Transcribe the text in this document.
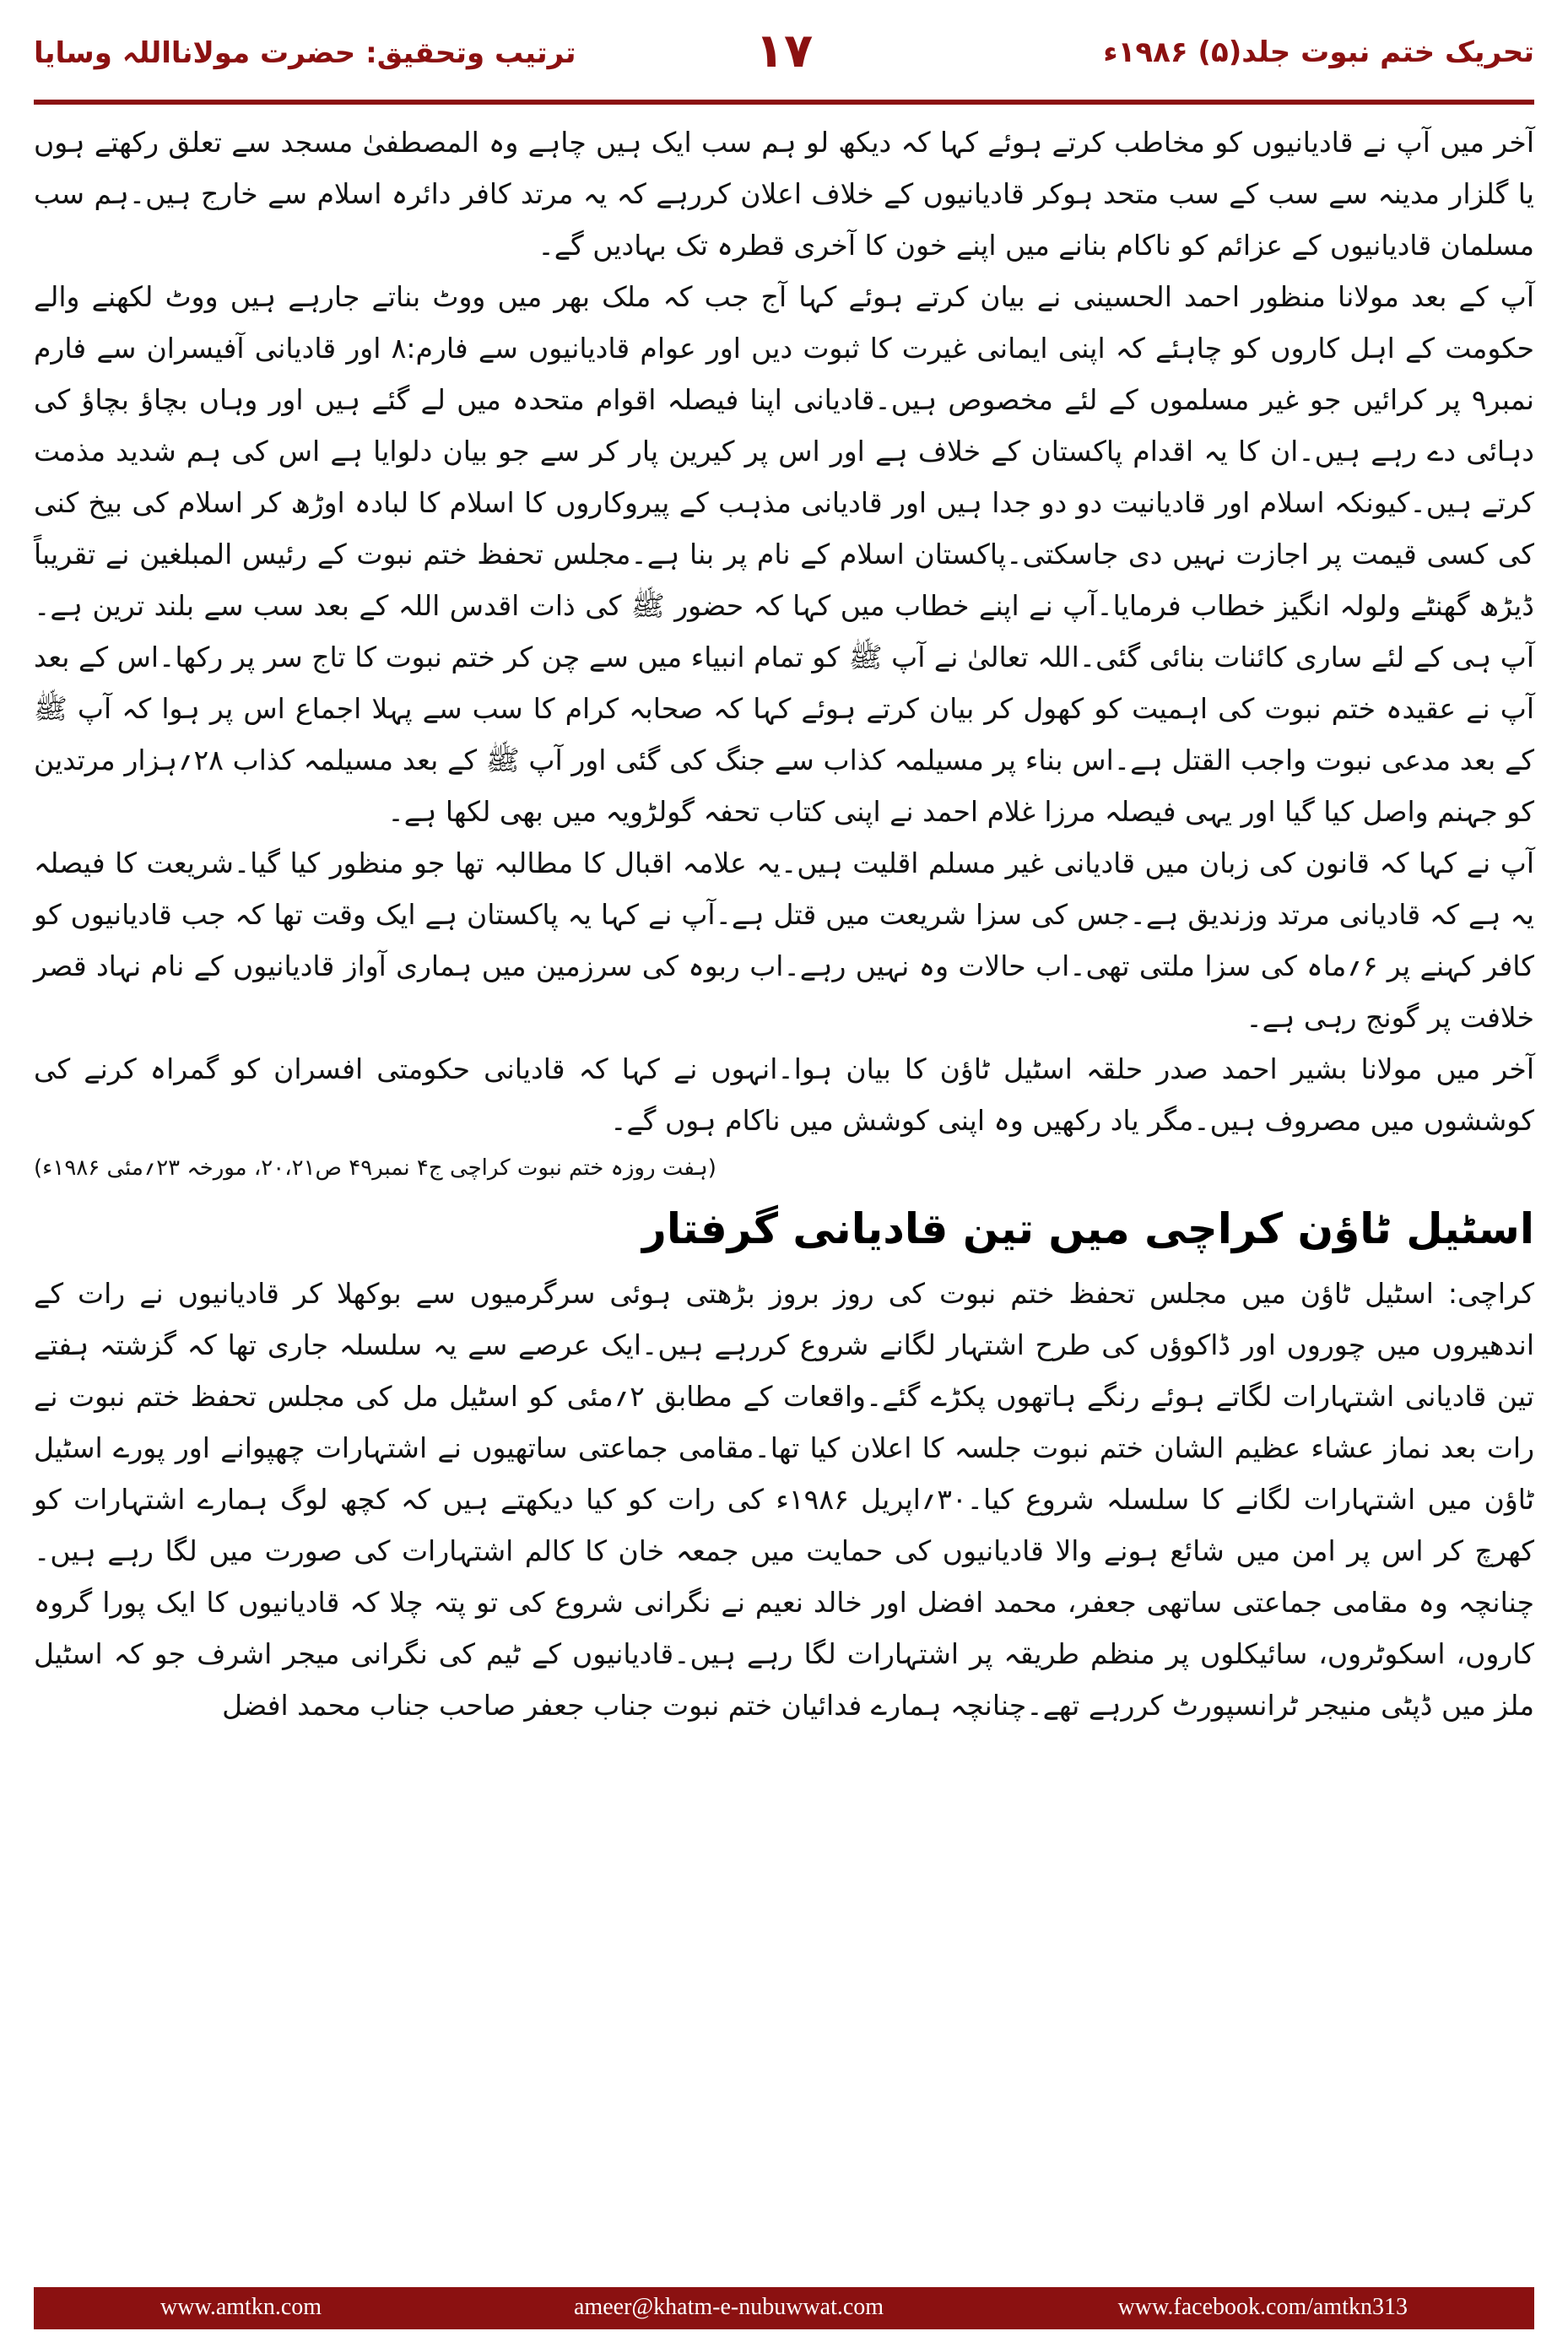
تحریک ختم نبوت جلد(۵) ۱۹۸۶ء
۱۷
ترتیب وتحقیق: حضرت مولانااللہ وسایا

آخر میں آپ نے قادیانیوں کو مخاطب کرتے ہوئے کہا کہ دیکھ لو ہم سب ایک ہیں چاہے وہ المصطفیٰ مسجد سے تعلق رکھتے ہوں یا گلزار مدینہ سے سب کے سب متحد ہوکر قادیانیوں کے خلاف اعلان کررہے کہ یہ مرتد کافر دائرہ اسلام سے خارج ہیں۔ہم سب مسلمان قادیانیوں کے عزائم کو ناکام بنانے میں اپنے خون کا آخری قطرہ تک بہادیں گے۔

آپ کے بعد مولانا منظور احمد الحسینی نے بیان کرتے ہوئے کہا آج جب کہ ملک بھر میں ووٹ بناتے جارہے ہیں ووٹ لکھنے والے حکومت کے اہل کاروں کو چاہئے کہ اپنی ایمانی غیرت کا ثبوت دیں اور عوام قادیانیوں سے فارم:۸ اور قادیانی آفیسران سے فارم نمبر۹ پر کرائیں جو غیر مسلموں کے لئے مخصوص ہیں۔قادیانی اپنا فیصلہ اقوام متحدہ میں لے گئے ہیں اور وہاں بچاؤ بچاؤ کی دہائی دے رہے ہیں۔ان کا یہ اقدام پاکستان کے خلاف ہے اور اس پر کیرین پار کر سے جو بیان دلوایا ہے اس کی ہم شدید مذمت کرتے ہیں۔کیونکہ اسلام اور قادیانیت دو دو جدا ہیں اور قادیانی مذہب کے پیروکاروں کا اسلام کا لبادہ اوڑھ کر اسلام کی بیخ کنی کی کسی قیمت پر اجازت نہیں دی جاسکتی۔پاکستان اسلام کے نام پر بنا ہے۔مجلس تحفظ ختم نبوت کے رئیس المبلغین نے تقریباً ڈیڑھ گھنٹے ولولہ انگیز خطاب فرمایا۔آپ نے اپنے خطاب میں کہا کہ حضور ﷺ کی ذات اقدس اللہ کے بعد سب سے بلند ترین ہے۔آپ ہی کے لئے ساری کائنات بنائی گئی۔اللہ تعالیٰ نے آپ ﷺ کو تمام انبیاء میں سے چن کر ختم نبوت کا تاج سر پر رکھا۔اس کے بعد آپ نے عقیدہ ختم نبوت کی اہمیت کو کھول کر بیان کرتے ہوئے کہا کہ صحابہ کرام کا سب سے پہلا اجماع اس پر ہوا کہ آپ ﷺ کے بعد مدعی نبوت واجب القتل ہے۔اس بناء پر مسیلمہ کذاب سے جنگ کی گئی اور آپ ﷺ کے بعد مسیلمہ کذاب ۲۸؍ہزار مرتدین کو جہنم واصل کیا گیا اور یہی فیصلہ مرزا غلام احمد نے اپنی کتاب تحفہ گولڑویہ میں بھی لکھا ہے۔

آپ نے کہا کہ قانون کی زبان میں قادیانی غیر مسلم اقلیت ہیں۔یہ علامہ اقبال کا مطالبہ تھا جو منظور کیا گیا۔شریعت کا فیصلہ یہ ہے کہ قادیانی مرتد وزندیق ہے۔جس کی سزا شریعت میں قتل ہے۔آپ نے کہا یہ پاکستان ہے ایک وقت تھا کہ جب قادیانیوں کو کافر کہنے پر ۶؍ماہ کی سزا ملتی تھی۔اب حالات وہ نہیں رہے۔اب ربوہ کی سرزمین میں ہماری آواز قادیانیوں کے نام نہاد قصر خلافت پر گونج رہی ہے۔

آخر میں مولانا بشیر احمد صدر حلقہ اسٹیل ٹاؤن کا بیان ہوا۔انہوں نے کہا کہ قادیانی حکومتی افسران کو گمراہ کرنے کی کوششوں میں مصروف ہیں۔مگر یاد رکھیں وہ اپنی کوشش میں ناکام ہوں گے۔

(ہفت روزہ ختم نبوت کراچی ج۴ نمبر۴۹ ص۲۰،۲۱، مورخہ ۲۳؍مئی ۱۹۸۶ء)
اسٹیل ٹاؤن کراچی میں تین قادیانی گرفتار

کراچی: اسٹیل ٹاؤن میں مجلس تحفظ ختم نبوت کی روز بروز بڑھتی ہوئی سرگرمیوں سے بوکھلا کر قادیانیوں نے رات کے اندھیروں میں چوروں اور ڈاکوؤں کی طرح اشتہار لگانے شروع کررہے ہیں۔ایک عرصے سے یہ سلسلہ جاری تھا کہ گزشتہ ہفتے تین قادیانی اشتہارات لگاتے ہوئے رنگے ہاتھوں پکڑے گئے۔واقعات کے مطابق ۲؍مئی کو اسٹیل مل کی مجلس تحفظ ختم نبوت نے رات بعد نماز عشاء عظیم الشان ختم نبوت جلسہ کا اعلان کیا تھا۔مقامی جماعتی ساتھیوں نے اشتہارات چھپوانے اور پورے اسٹیل ٹاؤن میں اشتہارات لگانے کا سلسلہ شروع کیا۔۳۰؍اپریل ۱۹۸۶ء کی رات کو کیا دیکھتے ہیں کہ کچھ لوگ ہمارے اشتہارات کو کھرچ کر اس پر امن میں شائع ہونے والا قادیانیوں کی حمایت میں جمعہ خان کا کالم اشتہارات کی صورت میں لگا رہے ہیں۔چنانچہ وہ مقامی جماعتی ساتھی جعفر، محمد افضل اور خالد نعیم نے نگرانی شروع کی تو پتہ چلا کہ قادیانیوں کا ایک پورا گروہ کاروں، اسکوٹروں، سائیکلوں پر منظم طریقہ پر اشتہارات لگا رہے ہیں۔قادیانیوں کے ٹیم کی نگرانی میجر اشرف جو کہ اسٹیل ملز میں ڈپٹی منیجر ٹرانسپورٹ کررہے تھے۔چنانچہ ہمارے فدائیان ختم نبوت جناب جعفر صاحب جناب محمد افضل

www.amtkn.com	ameer@khatm-e-nubuwwat.com	www.facebook.com/amtkn313
